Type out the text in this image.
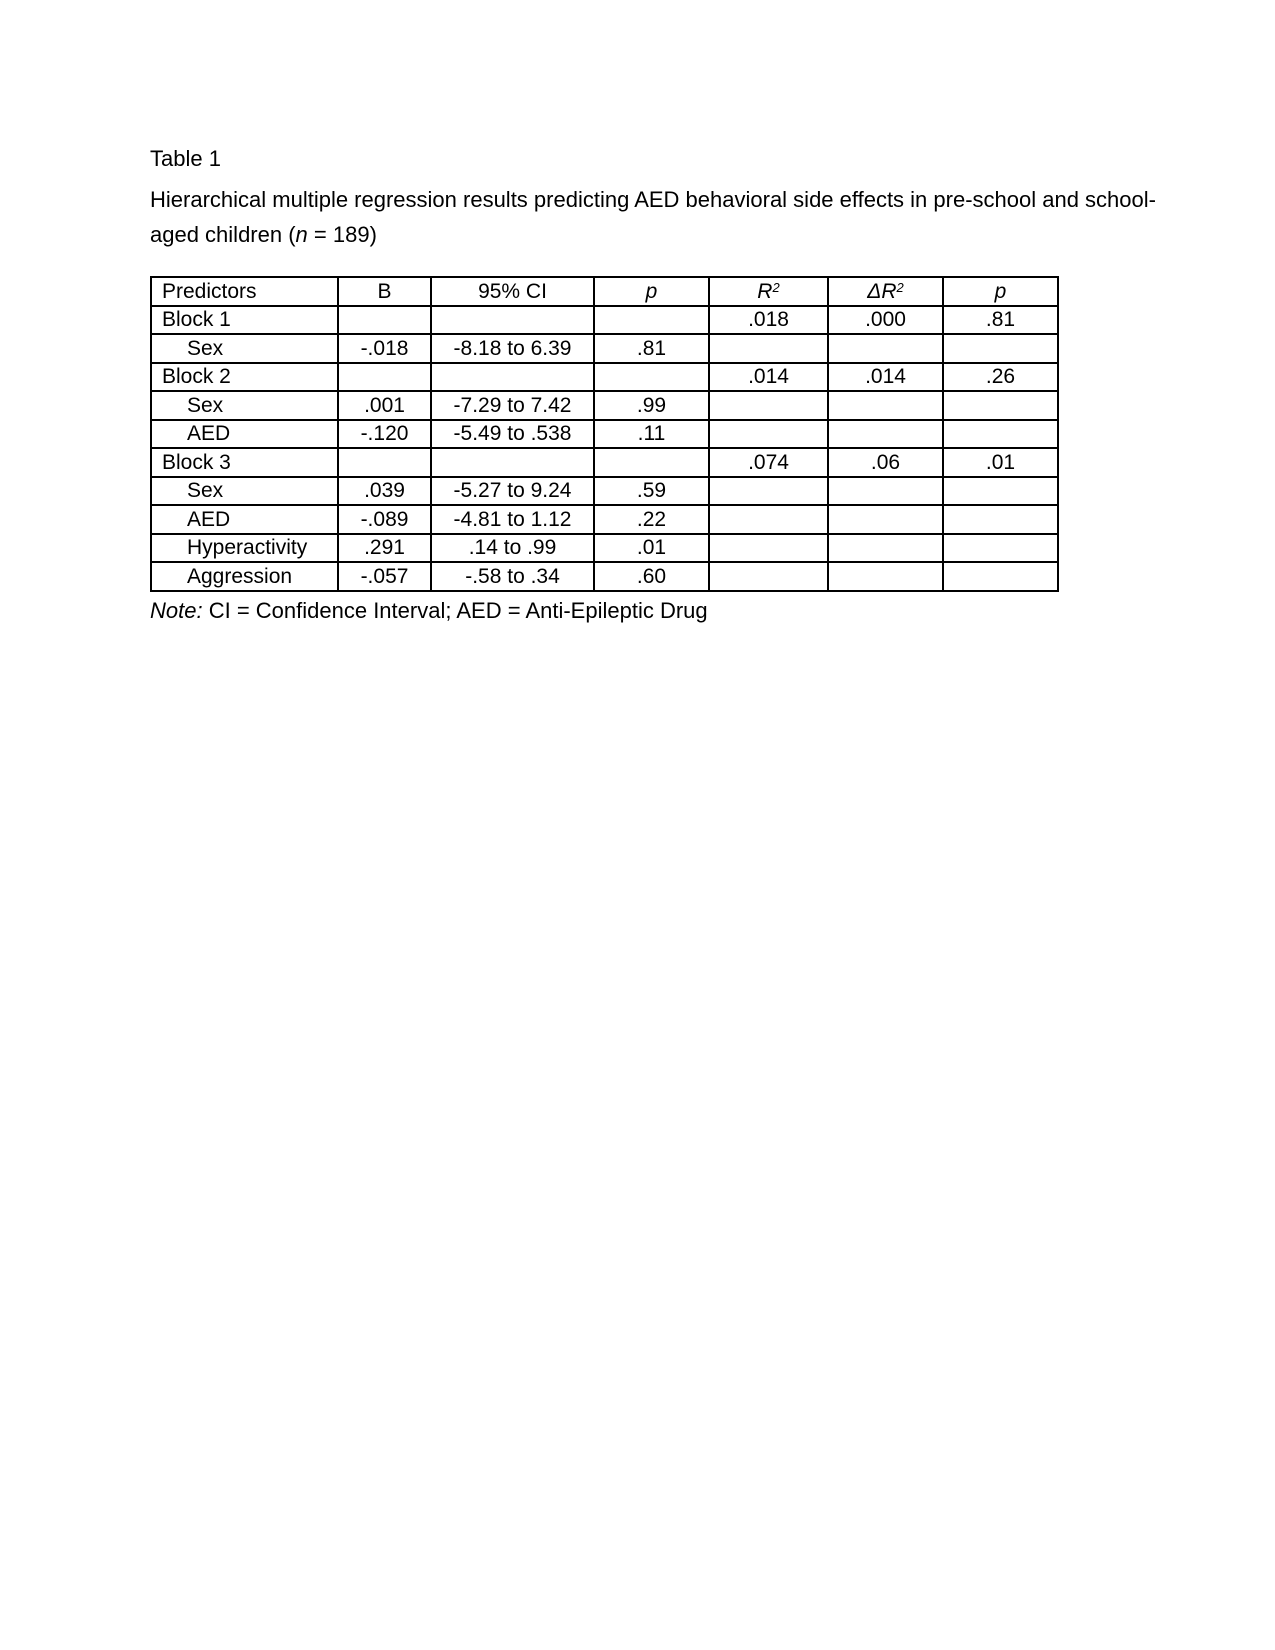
Table 1
Hierarchical multiple regression results predicting AED behavioral side effects in pre-school and school-
aged children (n = 189)
Predictors	B	95% CI	p	$R^2$	$\Delta R^2$	p
Block 1				.018	.000	.81
Sex	-.018	-8.18 to 6.39	.81			
Block 2				.014	.014	.26
Sex	.001	-7.29 to 7.42	.99			
AED	-.120	-5.49 to .538	.11			
Block 3				.074	.06	.01
Sex	.039	-5.27 to 9.24	.59			
AED	-.089	-4.81 to 1.12	.22			
Hyperactivity	.291	.14 to .99	.01			
Aggression	-.057	-.58 to .34	.60			
Note: CI = Confidence Interval; AED = Anti-Epileptic Drug
